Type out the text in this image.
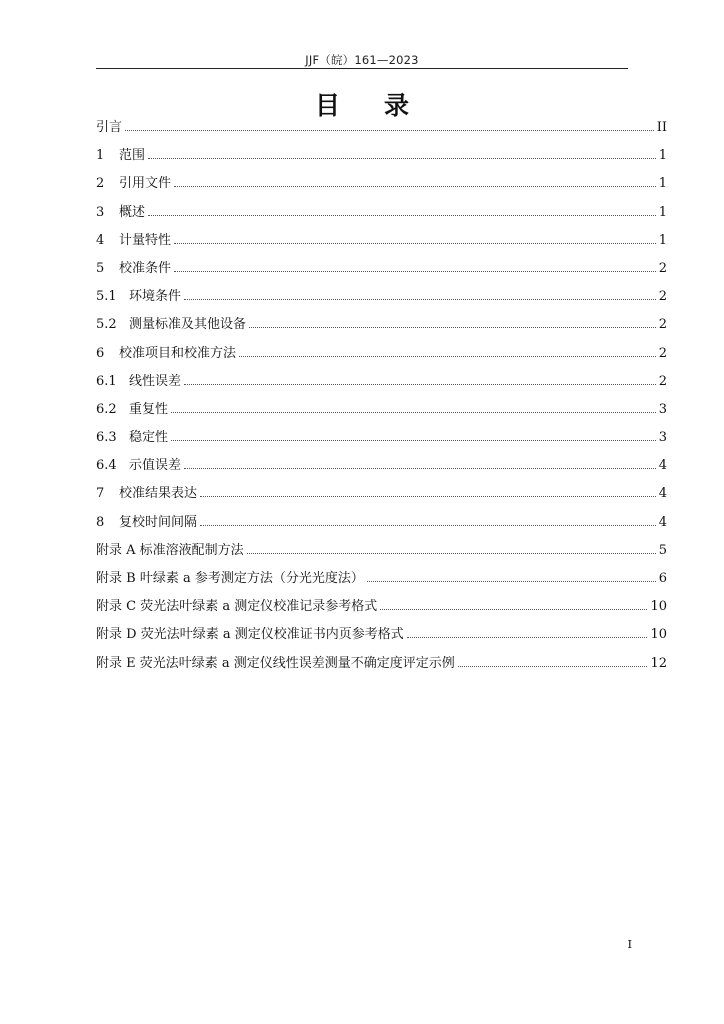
JJF（皖）161—2023
目 录
引言	II
1	范围	1
2	引用文件	1
3	概述	1
4	计量特性	1
5	校准条件	2
5.1 环境条件	2
5.2 测量标准及其他设备	2
6	校准项目和校准方法	2
6.1 线性误差	2
6.2 重复性	3
6.3 稳定性	3
6.4 示值误差	4
7	校准结果表达	4
8	复校时间间隔	4
附录 A 标准溶液配制方法	5
附录 B 叶绿素 a 参考测定方法（分光光度法）	6
附录 C 荧光法叶绿素 a 测定仪校准记录参考格式	10
附录 D 荧光法叶绿素 a 测定仪校准证书内页参考格式	10
附录 E 荧光法叶绿素 a 测定仪线性误差测量不确定度评定示例	12
I
